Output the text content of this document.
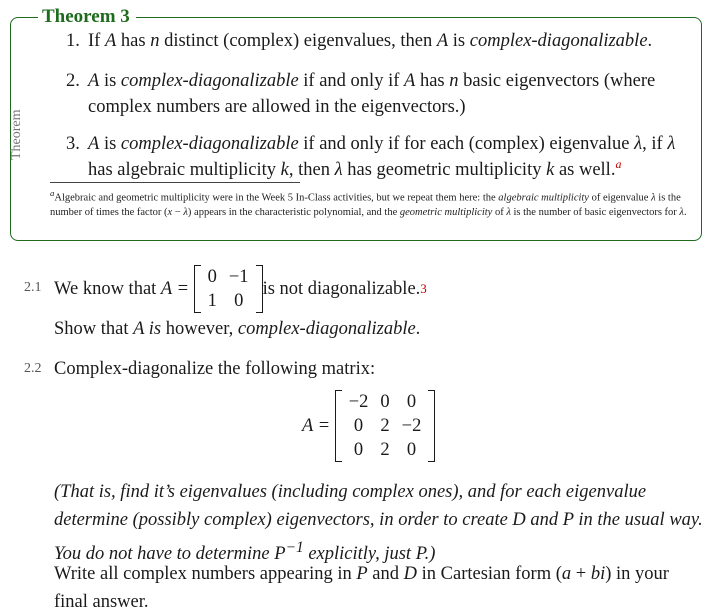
Theorem 3
Theorem
1. If A has n distinct (complex) eigenvalues, then A is complex-diagonalizable.
2. A is complex-diagonalizable if and only if A has n basic eigenvectors (where complex numbers are allowed in the eigenvectors.)
3. A is complex-diagonalizable if and only if for each (complex) eigenvalue λ, if λ has algebraic multiplicity k, then λ has geometric multiplicity k as well.$^a$
$^a$Algebraic and geometric multiplicity were in the Week 5 In-Class activities, but we repeat them here: the algebraic multiplicity of eigenvalue λ is the number of times the factor (x − λ) appears in the characteristic polynomial, and the geometric multiplicity of λ is the number of basic eigenvectors for λ.
2.1 We know that
A =

0	−1
1	0
is not diagonalizable. 3
Show that A is however, complex-diagonalizable.
2.2 Complex-diagonalize the following matrix:
A =

−2	0	0
0	2	−2
0	2	0
(That is, find it’s eigenvalues (including complex ones), and for each eigenvalue determine (possibly complex) eigenvectors, in order to create D and P in the usual way. You do not have to determine $P^{-1}$ explicitly, just P.)
Write all complex numbers appearing in P and D in Cartesian form (a + bi) in your final answer.
